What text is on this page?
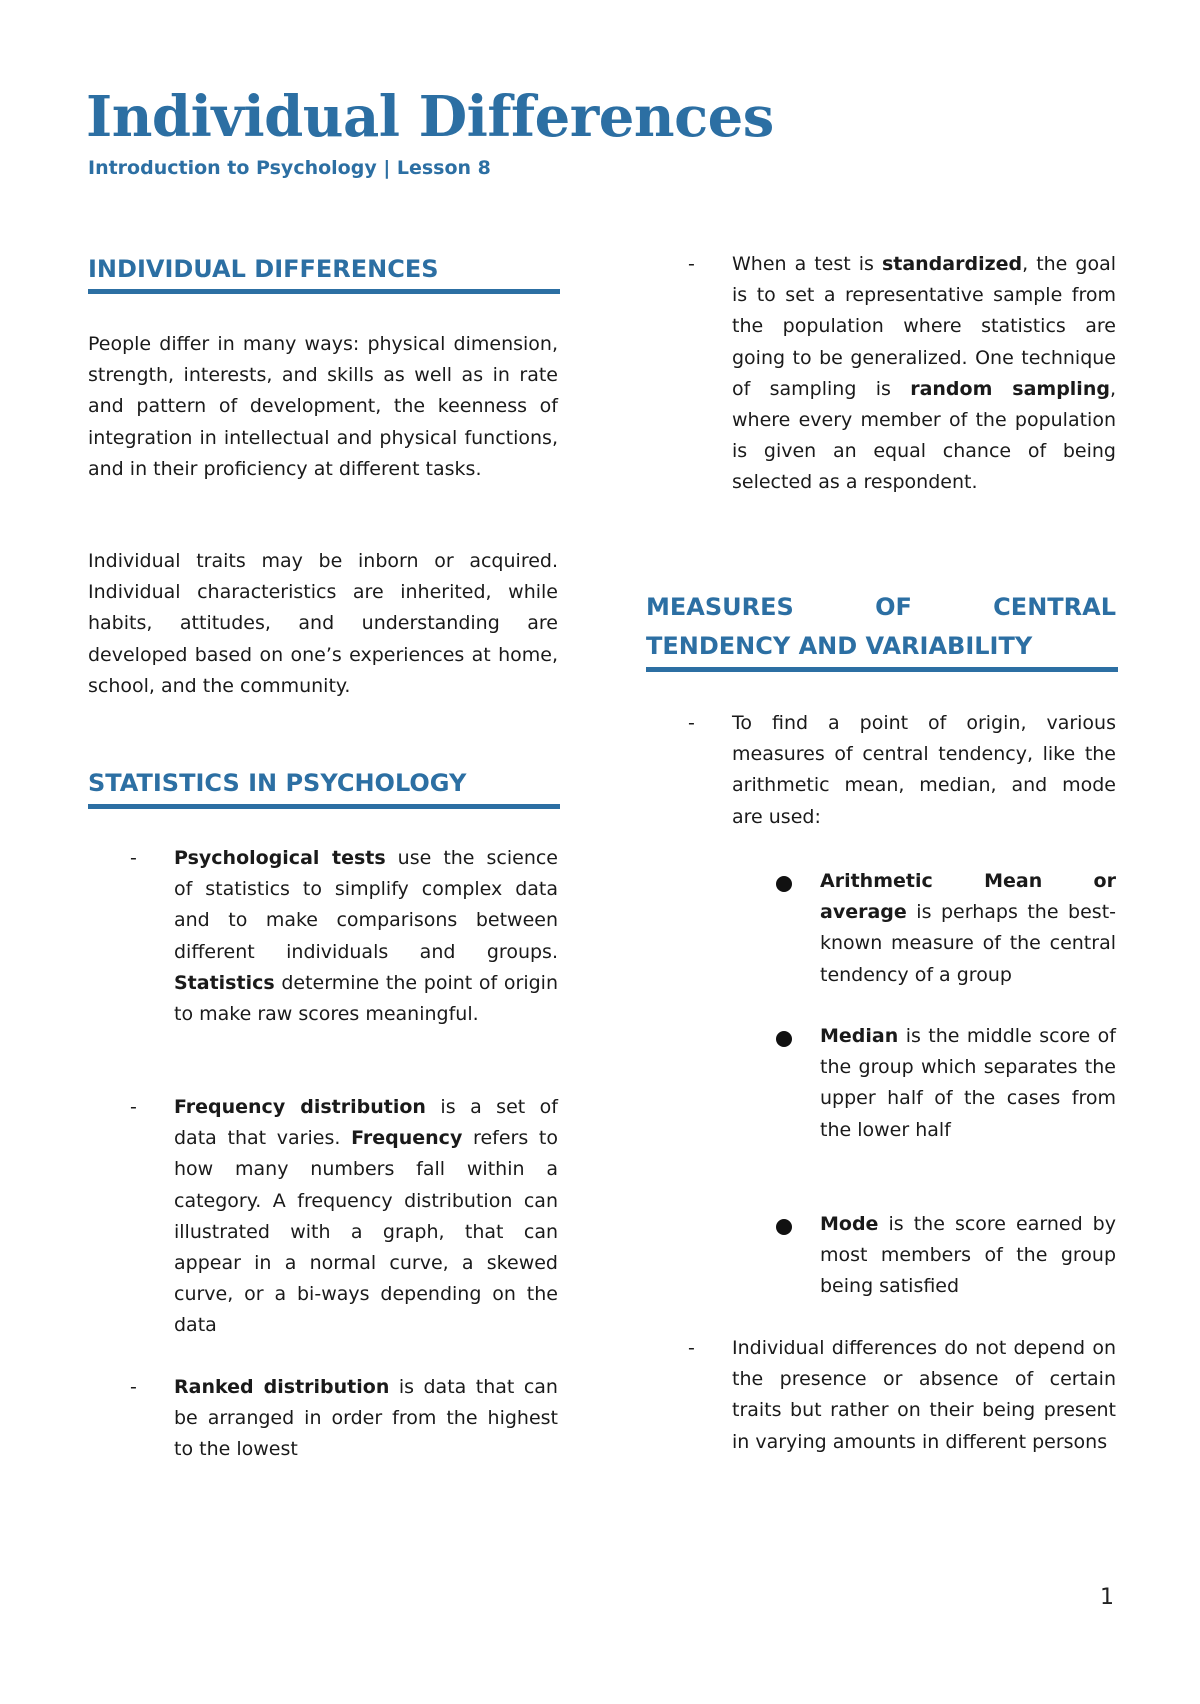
Individual Differences
Introduction to Psychology | Lesson 8
INDIVIDUAL DIFFERENCES

People differ in many ways: physical dimension, strength, interests, and skills as well as in rate and pattern of development, the keenness of integration in intellectual and physical functions, and in their proficiency at different tasks.

Individual traits may be inborn or acquired. Individual characteristics are inherited, while habits, attitudes, and understanding are developed based on one’s experiences at home, school, and the community.

STATISTICS IN PSYCHOLOGY
- Psychological tests use the science of statistics to simplify complex data and to make comparisons between different individuals and groups. Statistics determine the point of origin to make raw scores meaningful.

- Frequency distribution is a set of data that varies. Frequency refers to how many numbers fall within a category. A frequency distribution can illustrated with a graph, that can appear in a normal curve, a skewed curve, or a bi-ways depending on the data

- Ranked distribution is data that can be arranged in order from the highest to the lowest

- When a test is standardized, the goal is to set a representative sample from the population where statistics are going to be generalized. One technique of sampling is random sampling, where every member of the population is given an equal chance of being selected as a respondent.

MEASURES OF CENTRAL
TENDENCY AND VARIABILITY
- To find a point of origin, various measures of central tendency, like the arithmetic mean, median, and mode are used:

Arithmetic Mean or average is perhaps the best-known measure of the central tendency of a group

Median is the middle score of the group which separates the upper half of the cases from the lower half

Mode is the score earned by most members of the group being satisfied

- Individual differences do not depend on the presence or absence of certain traits but rather on their being present in varying amounts in different persons

1
